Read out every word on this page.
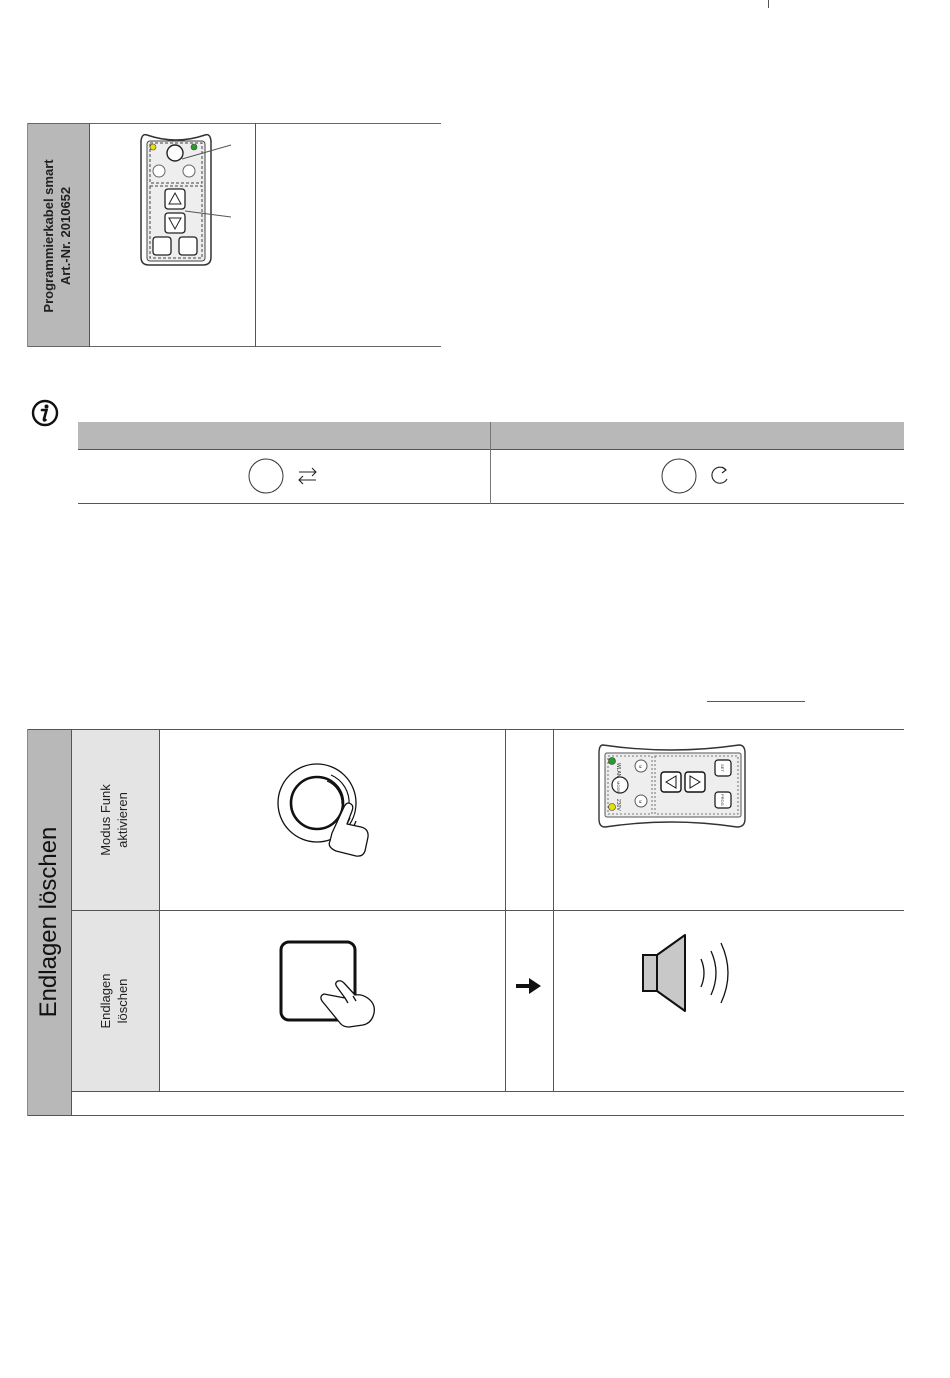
Programmierkabel smart Art.-Nr. 2010652
Endlagen löschen
Modus Funk aktivieren
Endlagen löschen
WLAN
230V
MODE
M
M
SET
PROG
